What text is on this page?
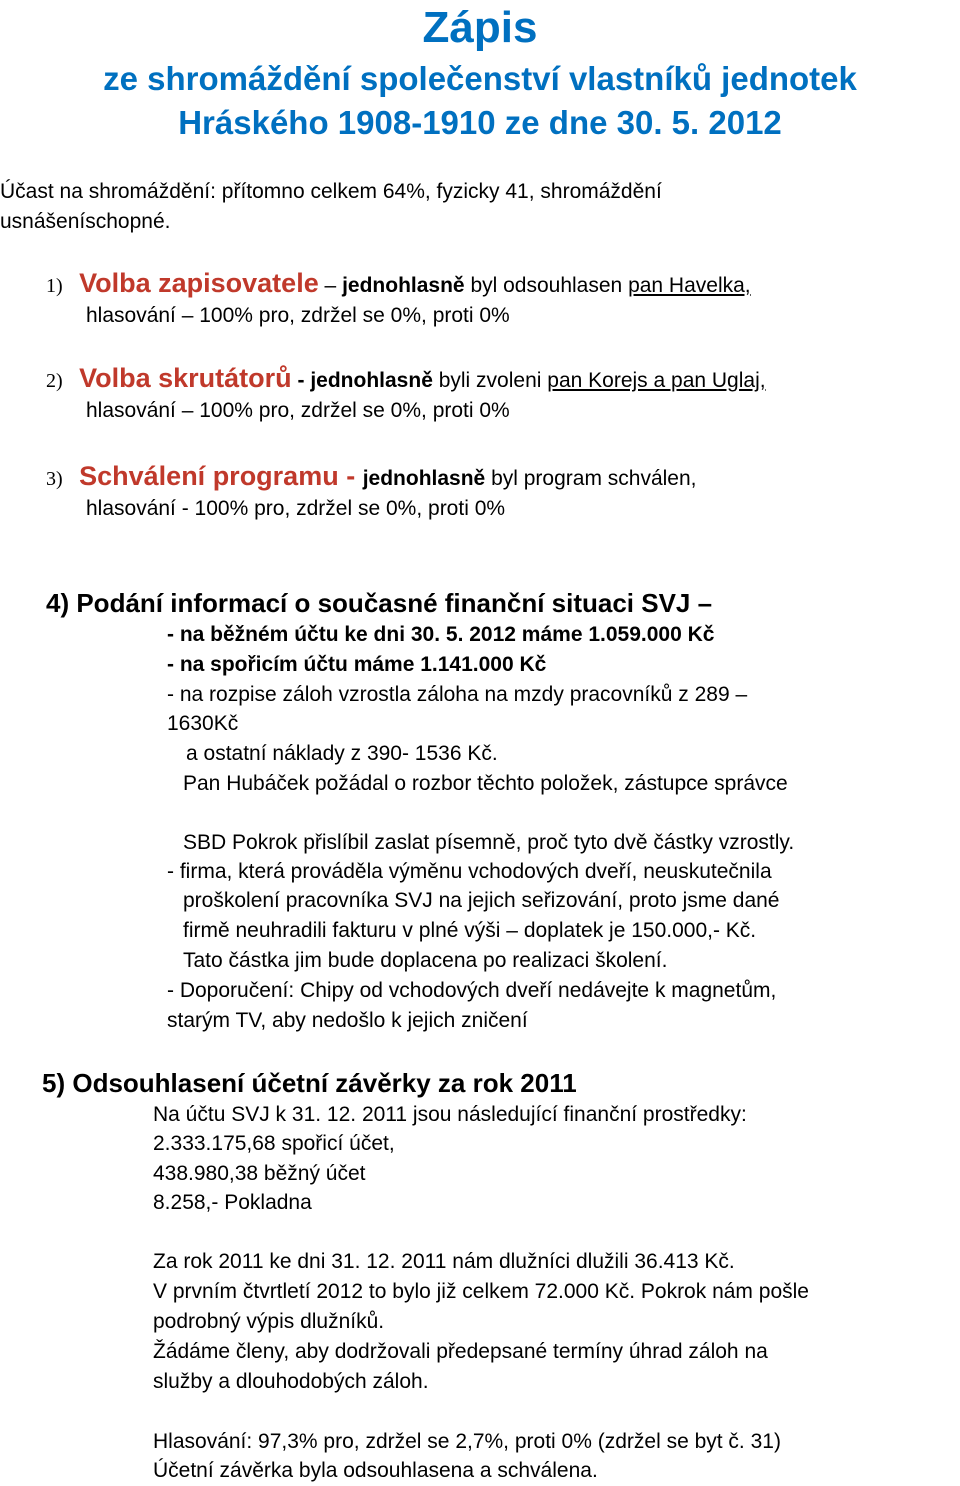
Zápis
ze shromáždění společenství vlastníků jednotek
Hráského 1908-1910 ze dne 30. 5. 2012
Účast na shromáždění: přítomno celkem 64%, fyzicky 41, shromáždění
usnášeníschopné.
1) Volba zapisovatele – jednohlasně byl odsouhlasen pan Havelka,
hlasování – 100% pro, zdržel se 0%, proti 0%
2) Volba skrutátorů - jednohlasně byli zvoleni pan Korejs a pan Uglaj,
hlasování – 100% pro, zdržel se 0%, proti 0%
3) Schválení programu - jednohlasně byl program schválen,
hlasování - 100% pro, zdržel se 0%, proti 0%
4) Podání informací o současné finanční situaci SVJ –
- na běžném účtu ke dni 30. 5. 2012 máme 1.059.000 Kč
- na spořicím účtu máme 1.141.000 Kč
- na rozpise záloh vzrostla záloha na mzdy pracovníků z 289 –
1630Kč
a ostatní náklady z 390- 1536 Kč.
Pan Hubáček požádal o rozbor těchto položek, zástupce správce
SBD Pokrok přislíbil zaslat písemně, proč tyto dvě částky vzrostly.
- firma, která prováděla výměnu vchodových dveří, neuskutečnila
proškolení pracovníka SVJ na jejich seřizování, proto jsme dané
firmě neuhradili fakturu v plné výši – doplatek je 150.000,- Kč.
Tato částka jim bude doplacena po realizaci školení.
- Doporučení: Chipy od vchodových dveří nedávejte k magnetům,
starým TV, aby nedošlo k jejich zničení
5) Odsouhlasení účetní závěrky za rok 2011
Na účtu SVJ k 31. 12. 2011 jsou následující finanční prostředky:
2.333.175,68 spořicí účet,
438.980,38 běžný účet
8.258,- Pokladna
Za rok 2011 ke dni 31. 12. 2011 nám dlužníci dlužili 36.413 Kč.
V prvním čtvrtletí 2012 to bylo již celkem 72.000 Kč. Pokrok nám pošle
podrobný výpis dlužníků.
Žádáme členy, aby dodržovali předepsané termíny úhrad záloh na
služby a dlouhodobých záloh.
Hlasování: 97,3% pro, zdržel se 2,7%, proti 0% (zdržel se byt č. 31)
Účetní závěrka byla odsouhlasena a schválena.
